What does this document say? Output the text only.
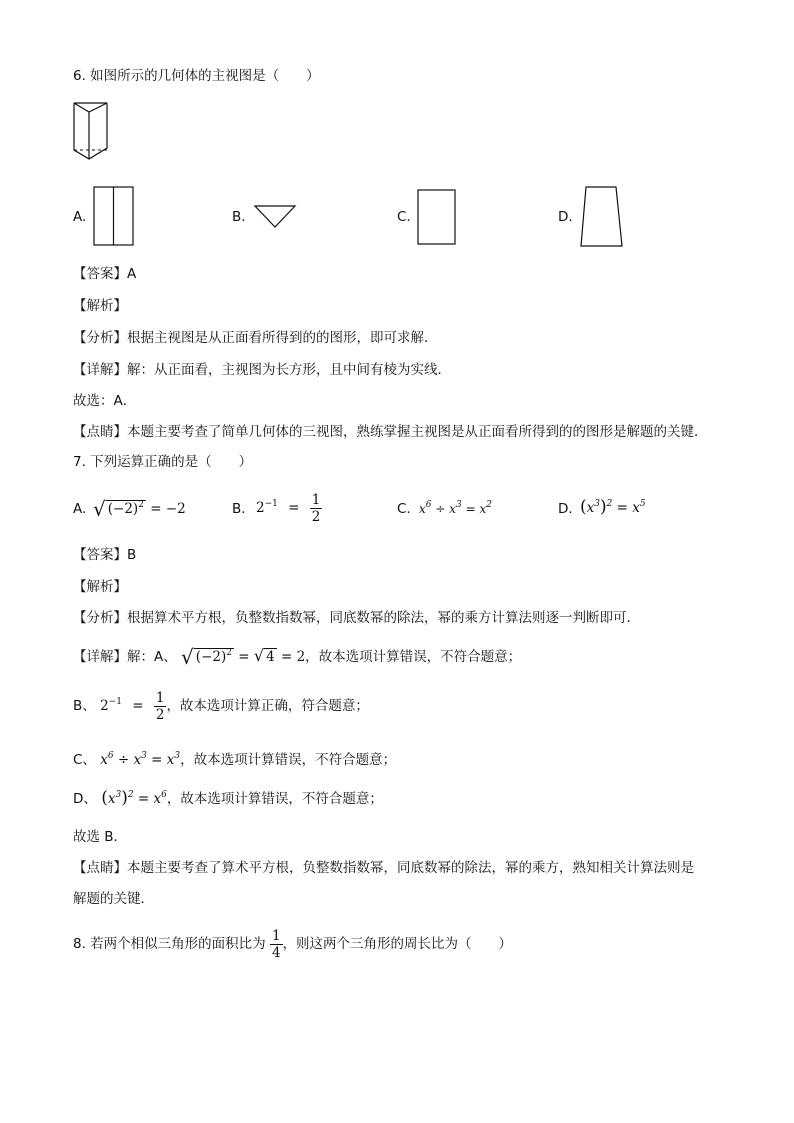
6. 如图所示的几何体的主视图是（　　）
A.	B.	C.	D.
【答案】A
【解析】
【分析】根据主视图是从正面看所得到的的图形，即可求解．
【详解】解：从正面看，主视图为长方形，且中间有棱为实线．
故选：A．
【点睛】本题主要考查了简单几何体的三视图，熟练掌握主视图是从正面看所得到的的图形是解题的关键．
7. 下列运算正确的是（　　）
A. √ $(-2)^2 = -2$	B. $2^{-1} = \frac{1}{2}$	C. $x^6 \div x^3 = x^2$	D. $(x^3)^2 = x^5$
【答案】B
【解析】
【分析】根据算术平方根，负整数指数幂，同底数幂的除法，幂的乘方计算法则逐一判断即可．
【详解】解：A、 √ $(-2)^2$ = √ 4 = 2，故本选项计算错误，不符合题意；
B、 $2^{-1} = \frac{1}{2}$ ，故本选项计算正确，符合题意；
C、 $x^6 \div x^3 = x^3$，故本选项计算错误，不符合题意；
D、 $(x^3)^2 = x^6$，故本选项计算错误，不符合题意；
故选 B．
【点睛】本题主要考查了算术平方根，负整数指数幂，同底数幂的除法，幂的乘方，熟知相关计算法则是
解题的关键．
8. 若两个相似三角形的面积比为 $\frac{1}{4}$ ，则这两个三角形的周长比为（　　）
